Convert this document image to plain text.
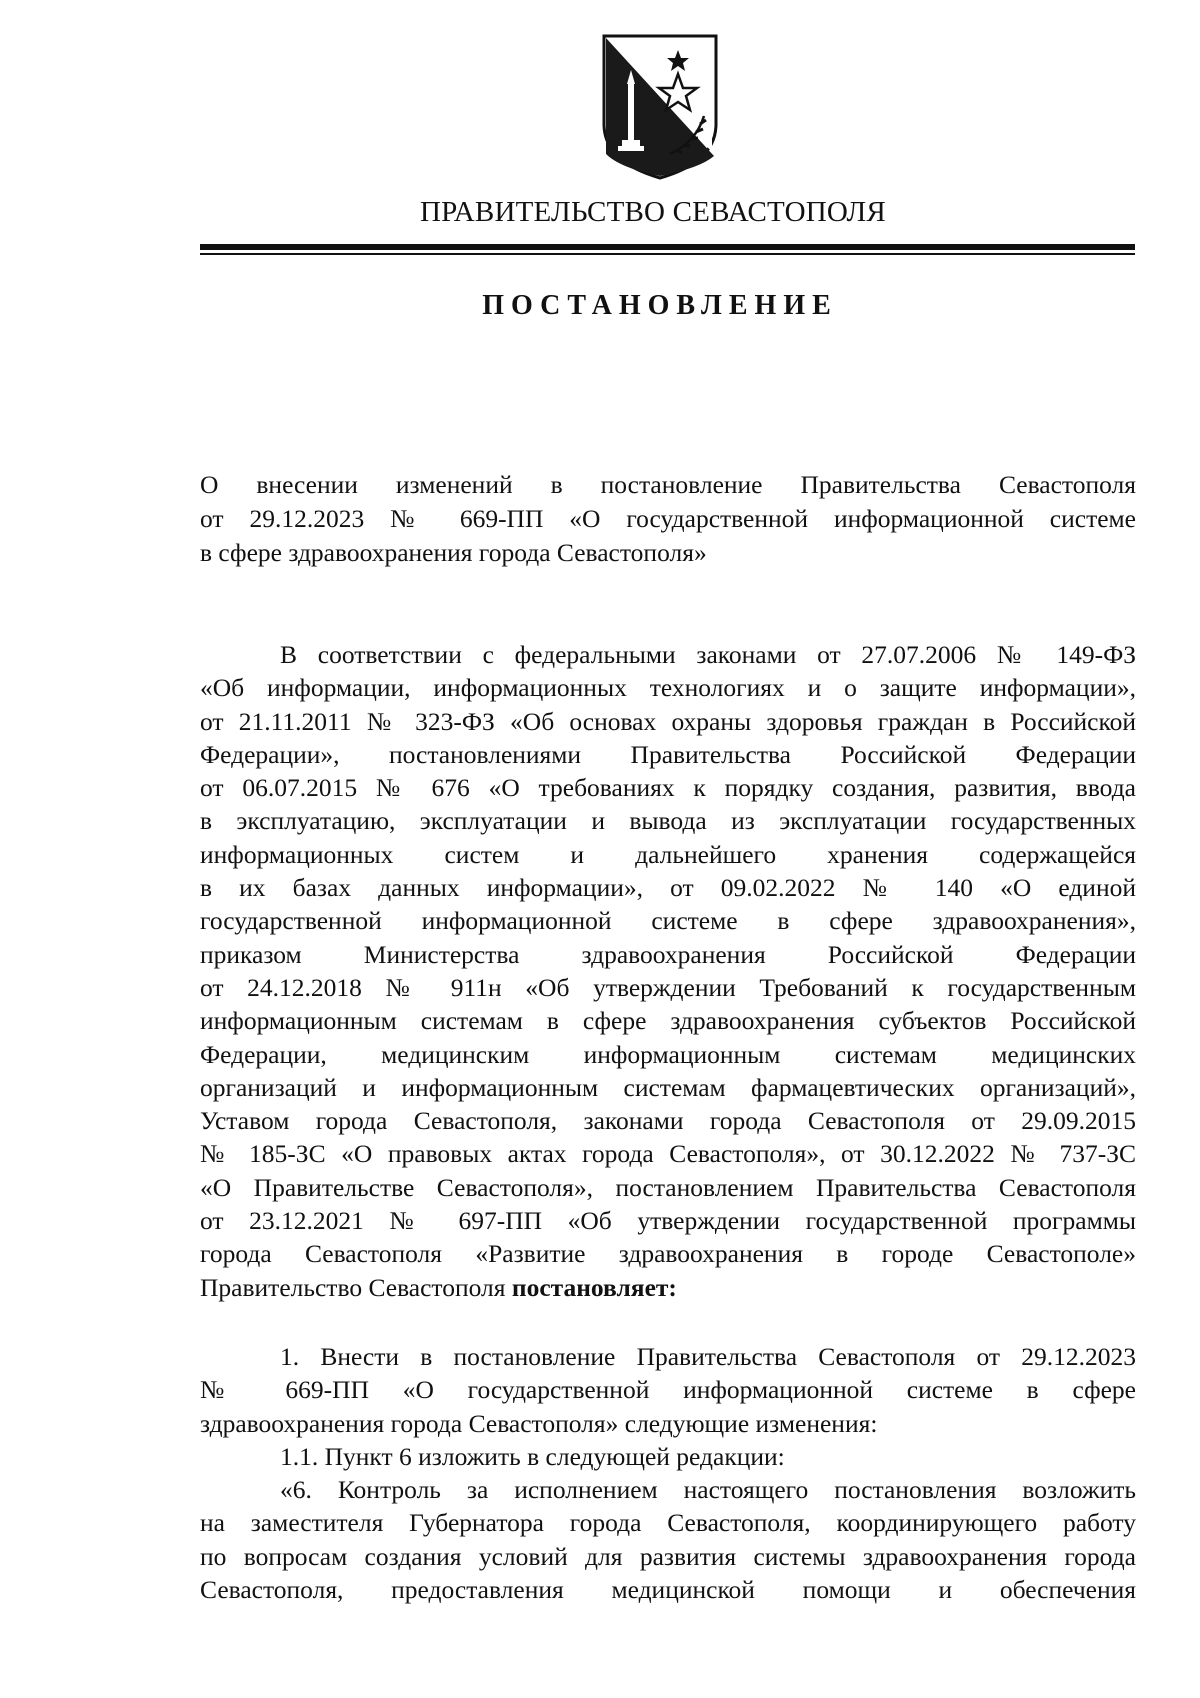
ПРАВИТЕЛЬСТВО СЕВАСТОПОЛЯ
ПОСТАНОВЛЕНИЕ
О внесении изменений в постановление Правительства Севастополя
от 29.12.2023 № 669-ПП «О государственной информационной системе
в сфере здравоохранения города Севастополя»
В соответствии с федеральными законами от 27.07.2006 № 149-ФЗ
«Об информации, информационных технологиях и о защите информации»,
от 21.11.2011 № 323-ФЗ «Об основах охраны здоровья граждан в Российской
Федерации», постановлениями Правительства Российской Федерации
от 06.07.2015 № 676 «О требованиях к порядку создания, развития, ввода
в эксплуатацию, эксплуатации и вывода из эксплуатации государственных
информационных систем и дальнейшего хранения содержащейся
в их базах данных информации», от 09.02.2022 № 140 «О единой
государственной информационной системе в сфере здравоохранения»,
приказом Министерства здравоохранения Российской Федерации
от 24.12.2018 № 911н «Об утверждении Требований к государственным
информационным системам в сфере здравоохранения субъектов Российской
Федерации, медицинским информационным системам медицинских
организаций и информационным системам фармацевтических организаций»,
Уставом города Севастополя, законами города Севастополя от 29.09.2015
№ 185-ЗС «О правовых актах города Севастополя», от 30.12.2022 № 737-ЗС
«О Правительстве Севастополя», постановлением Правительства Севастополя
от 23.12.2021 № 697-ПП «Об утверждении государственной программы
города Севастополя «Развитие здравоохранения в городе Севастополе»
Правительство Севастополя постановляет:
1. Внести в постановление Правительства Севастополя от 29.12.2023
№ 669-ПП «О государственной информационной системе в сфере
здравоохранения города Севастополя» следующие изменения:
1.1. Пункт 6 изложить в следующей редакции:
«6. Контроль за исполнением настоящего постановления возложить
на заместителя Губернатора города Севастополя, координирующего работу
по вопросам создания условий для развития системы здравоохранения города
Севастополя, предоставления медицинской помощи и обеспечения
